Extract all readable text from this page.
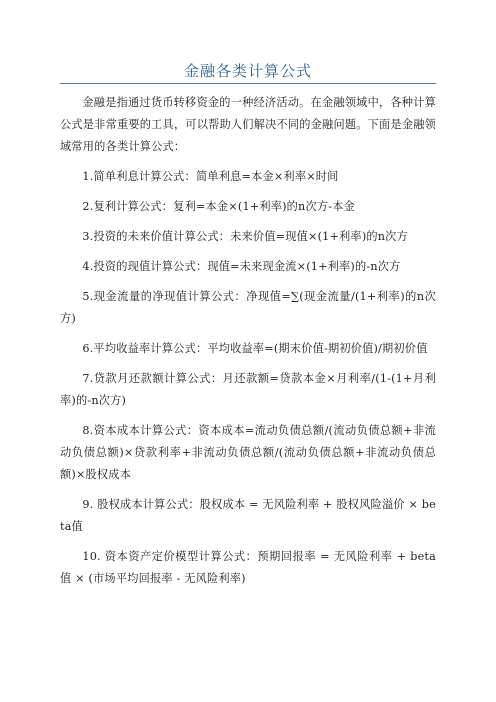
金融各类计算公式

金融是指通过货币转移资金的一种经济活动。在金融领域中，各种计算公式是非常重要的工具，可以帮助人们解决不同的金融问题。下面是金融领域常用的各类计算公式：

1.简单利息计算公式：简单利息=本金×利率×时间

2.复利计算公式：复利=本金×(1+利率)的n次方-本金

3.投资的未来价值计算公式：未来价值=现值×(1+利率)的n次方

4.投资的现值计算公式：现值=未来现金流×(1+利率)的-n次方

5.现金流量的净现值计算公式：净现值=∑(现金流量/(1+利率)的n次方)

6.平均收益率计算公式：平均收益率=(期末价值-期初价值)/期初价值

7.贷款月还款额计算公式：月还款额=贷款本金×月利率/(1-(1+月利率)的-n次方)

8.资本成本计算公式：资本成本=流动负债总额/(流动负债总额+非流动负债总额)×贷款利率+非流动负债总额/(流动负债总额+非流动负债总额)×股权成本

9. 股权成本计算公式：股权成本 = 无风险利率 + 股权风险溢价 × beta值

10. 资本资产定价模型计算公式：预期回报率 = 无风险利率 + beta值 × (市场平均回报率 - 无风险利率)
